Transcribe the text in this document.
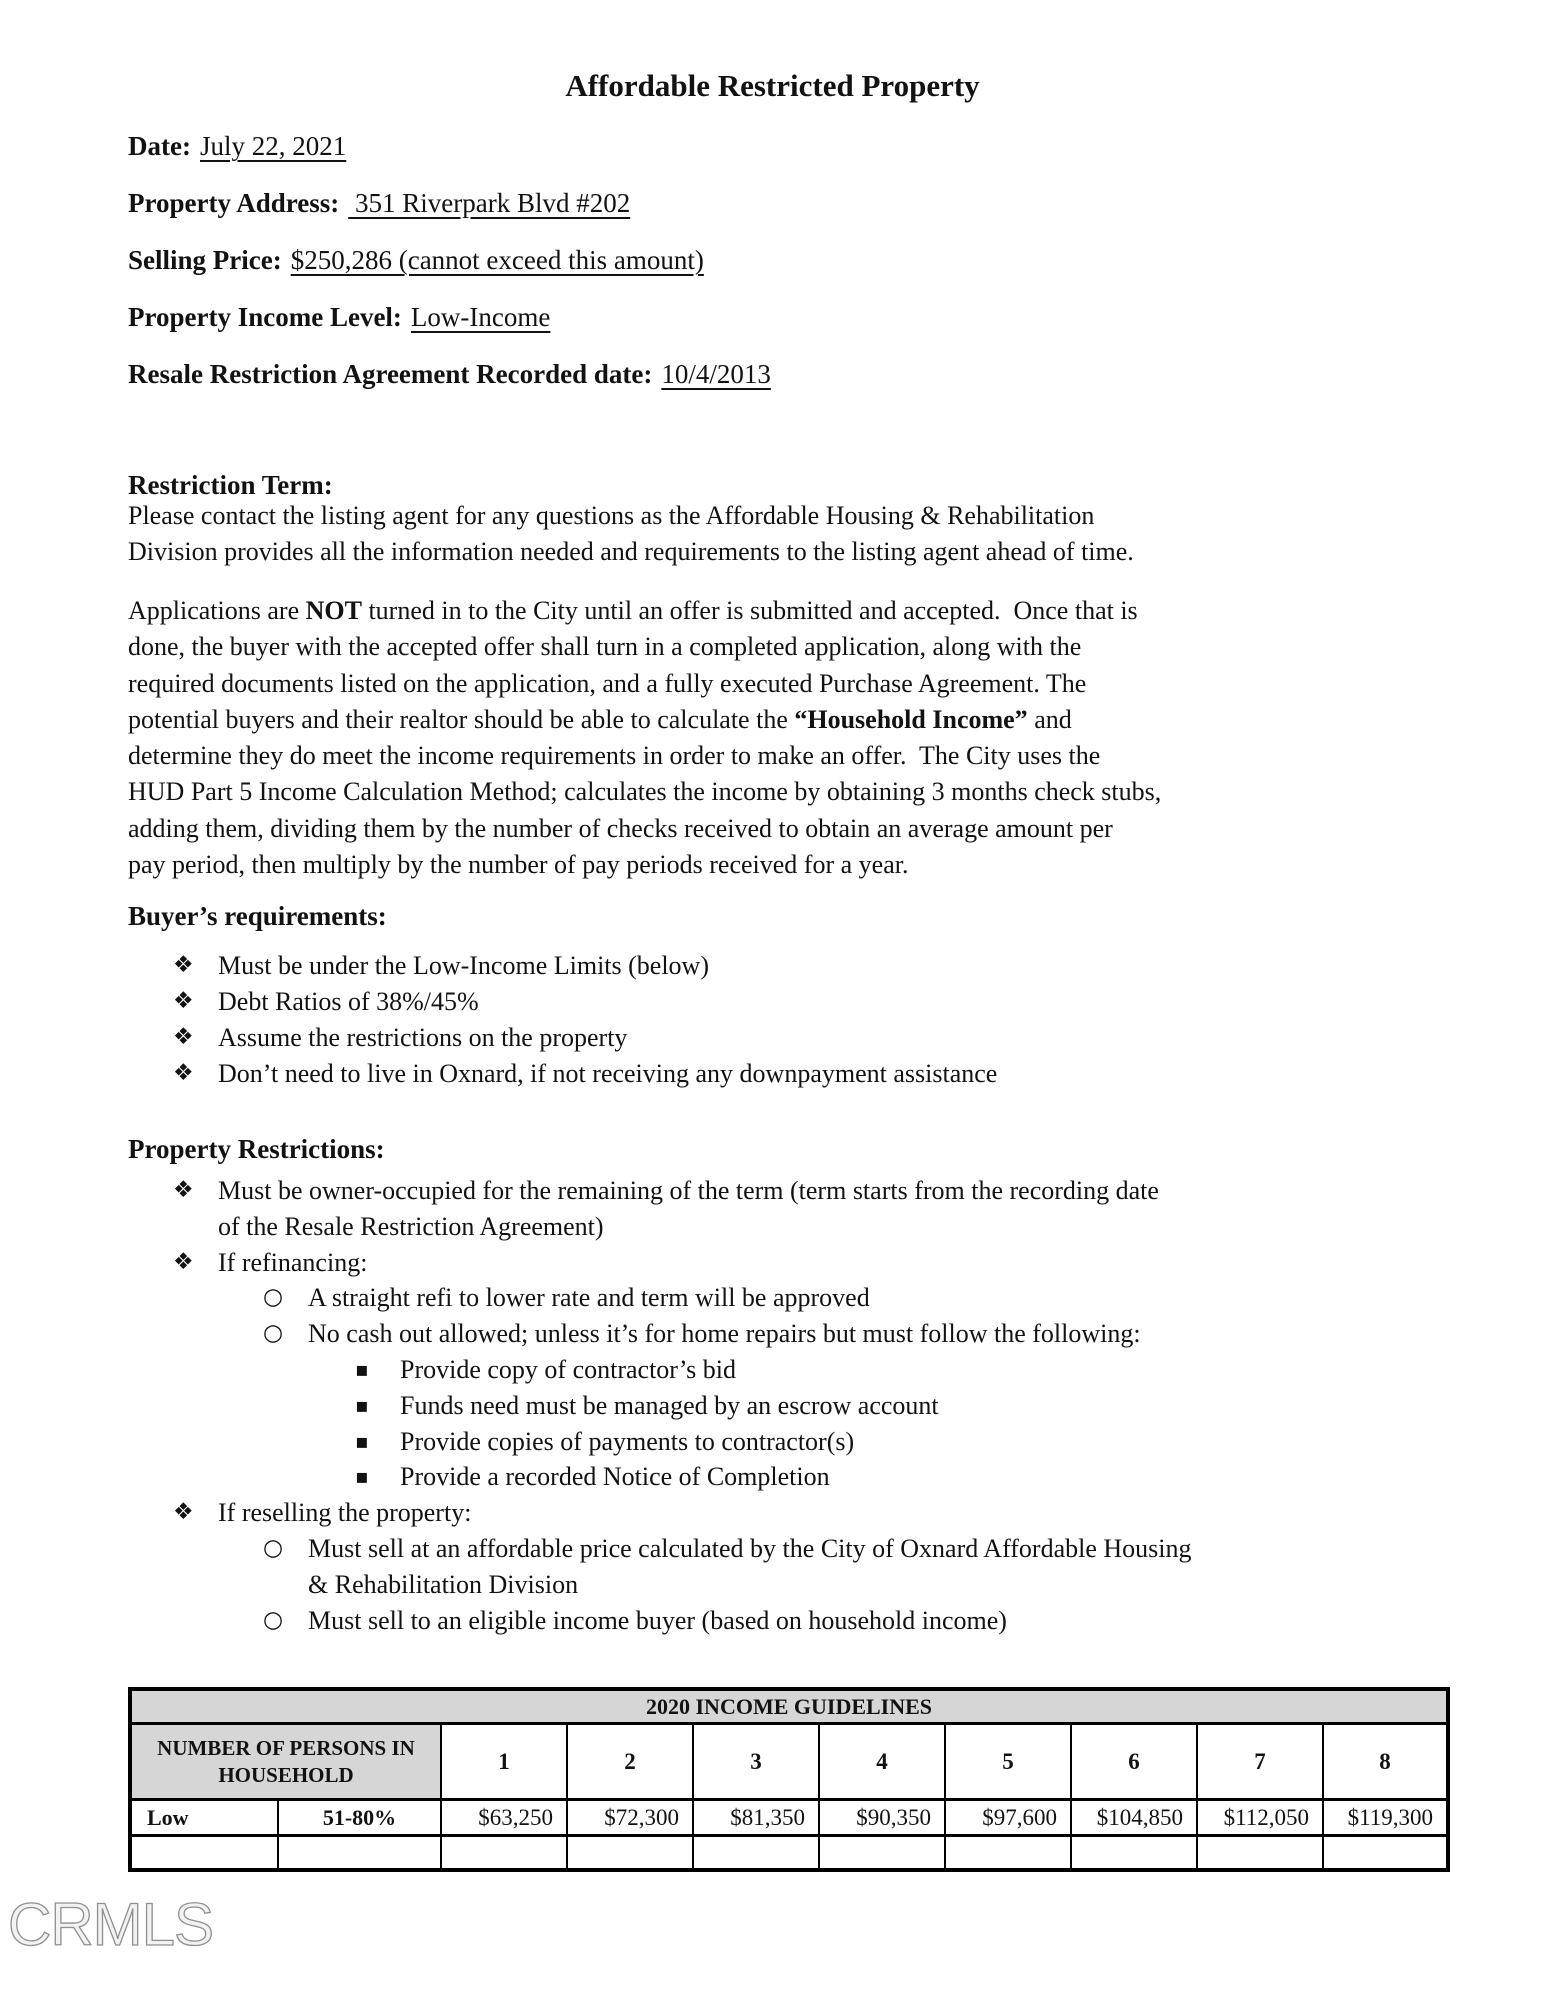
Affordable Restricted Property
Date: July 22, 2021
Property Address: 351 Riverpark Blvd #202
Selling Price: $250,286 (cannot exceed this amount)
Property Income Level: Low-Income
Resale Restriction Agreement Recorded date: 10/4/2013
Restriction Term:
Please contact the listing agent for any questions as the Affordable Housing & Rehabilitation
Division provides all the information needed and requirements to the listing agent ahead of time.
Applications are NOT turned in to the City until an offer is submitted and accepted.  Once that is
done, the buyer with the accepted offer shall turn in a completed application, along with the
required documents listed on the application, and a fully executed Purchase Agreement. The
potential buyers and their realtor should be able to calculate the “Household Income” and
determine they do meet the income requirements in order to make an offer.  The City uses the
HUD Part 5 Income Calculation Method; calculates the income by obtaining 3 months check stubs,
adding them, dividing them by the number of checks received to obtain an average amount per
pay period, then multiply by the number of pay periods received for a year.
Buyer’s requirements:
❖ Must be under the Low-Income Limits (below)
❖ Debt Ratios of 38%/45%
❖ Assume the restrictions on the property
❖ Don’t need to live in Oxnard, if not receiving any downpayment assistance
Property Restrictions:
❖ Must be owner-occupied for the remaining of the term (term starts from the recording date
of the Resale Restriction Agreement)
❖ If refinancing:
○ A straight refi to lower rate and term will be approved
○ No cash out allowed; unless it’s for home repairs but must follow the following:
▪	Provide copy of contractor’s bid
▪	Funds need must be managed by an escrow account
▪	Provide copies of payments to contractor(s)
▪	Provide a recorded Notice of Completion
❖ If reselling the property:
○ Must sell at an affordable price calculated by the City of Oxnard Affordable Housing
& Rehabilitation Division
○ Must sell to an eligible income buyer (based on household income)
2020 INCOME GUIDELINES									
NUMBER OF PERSONS IN HOUSEHOLD		1	2	3	4	5	6	7	8
Low	51-80%	$63,250	$72,300	$81,350	$90,350	$97,600	$104,850	$112,050	$119,300

CRMLS
